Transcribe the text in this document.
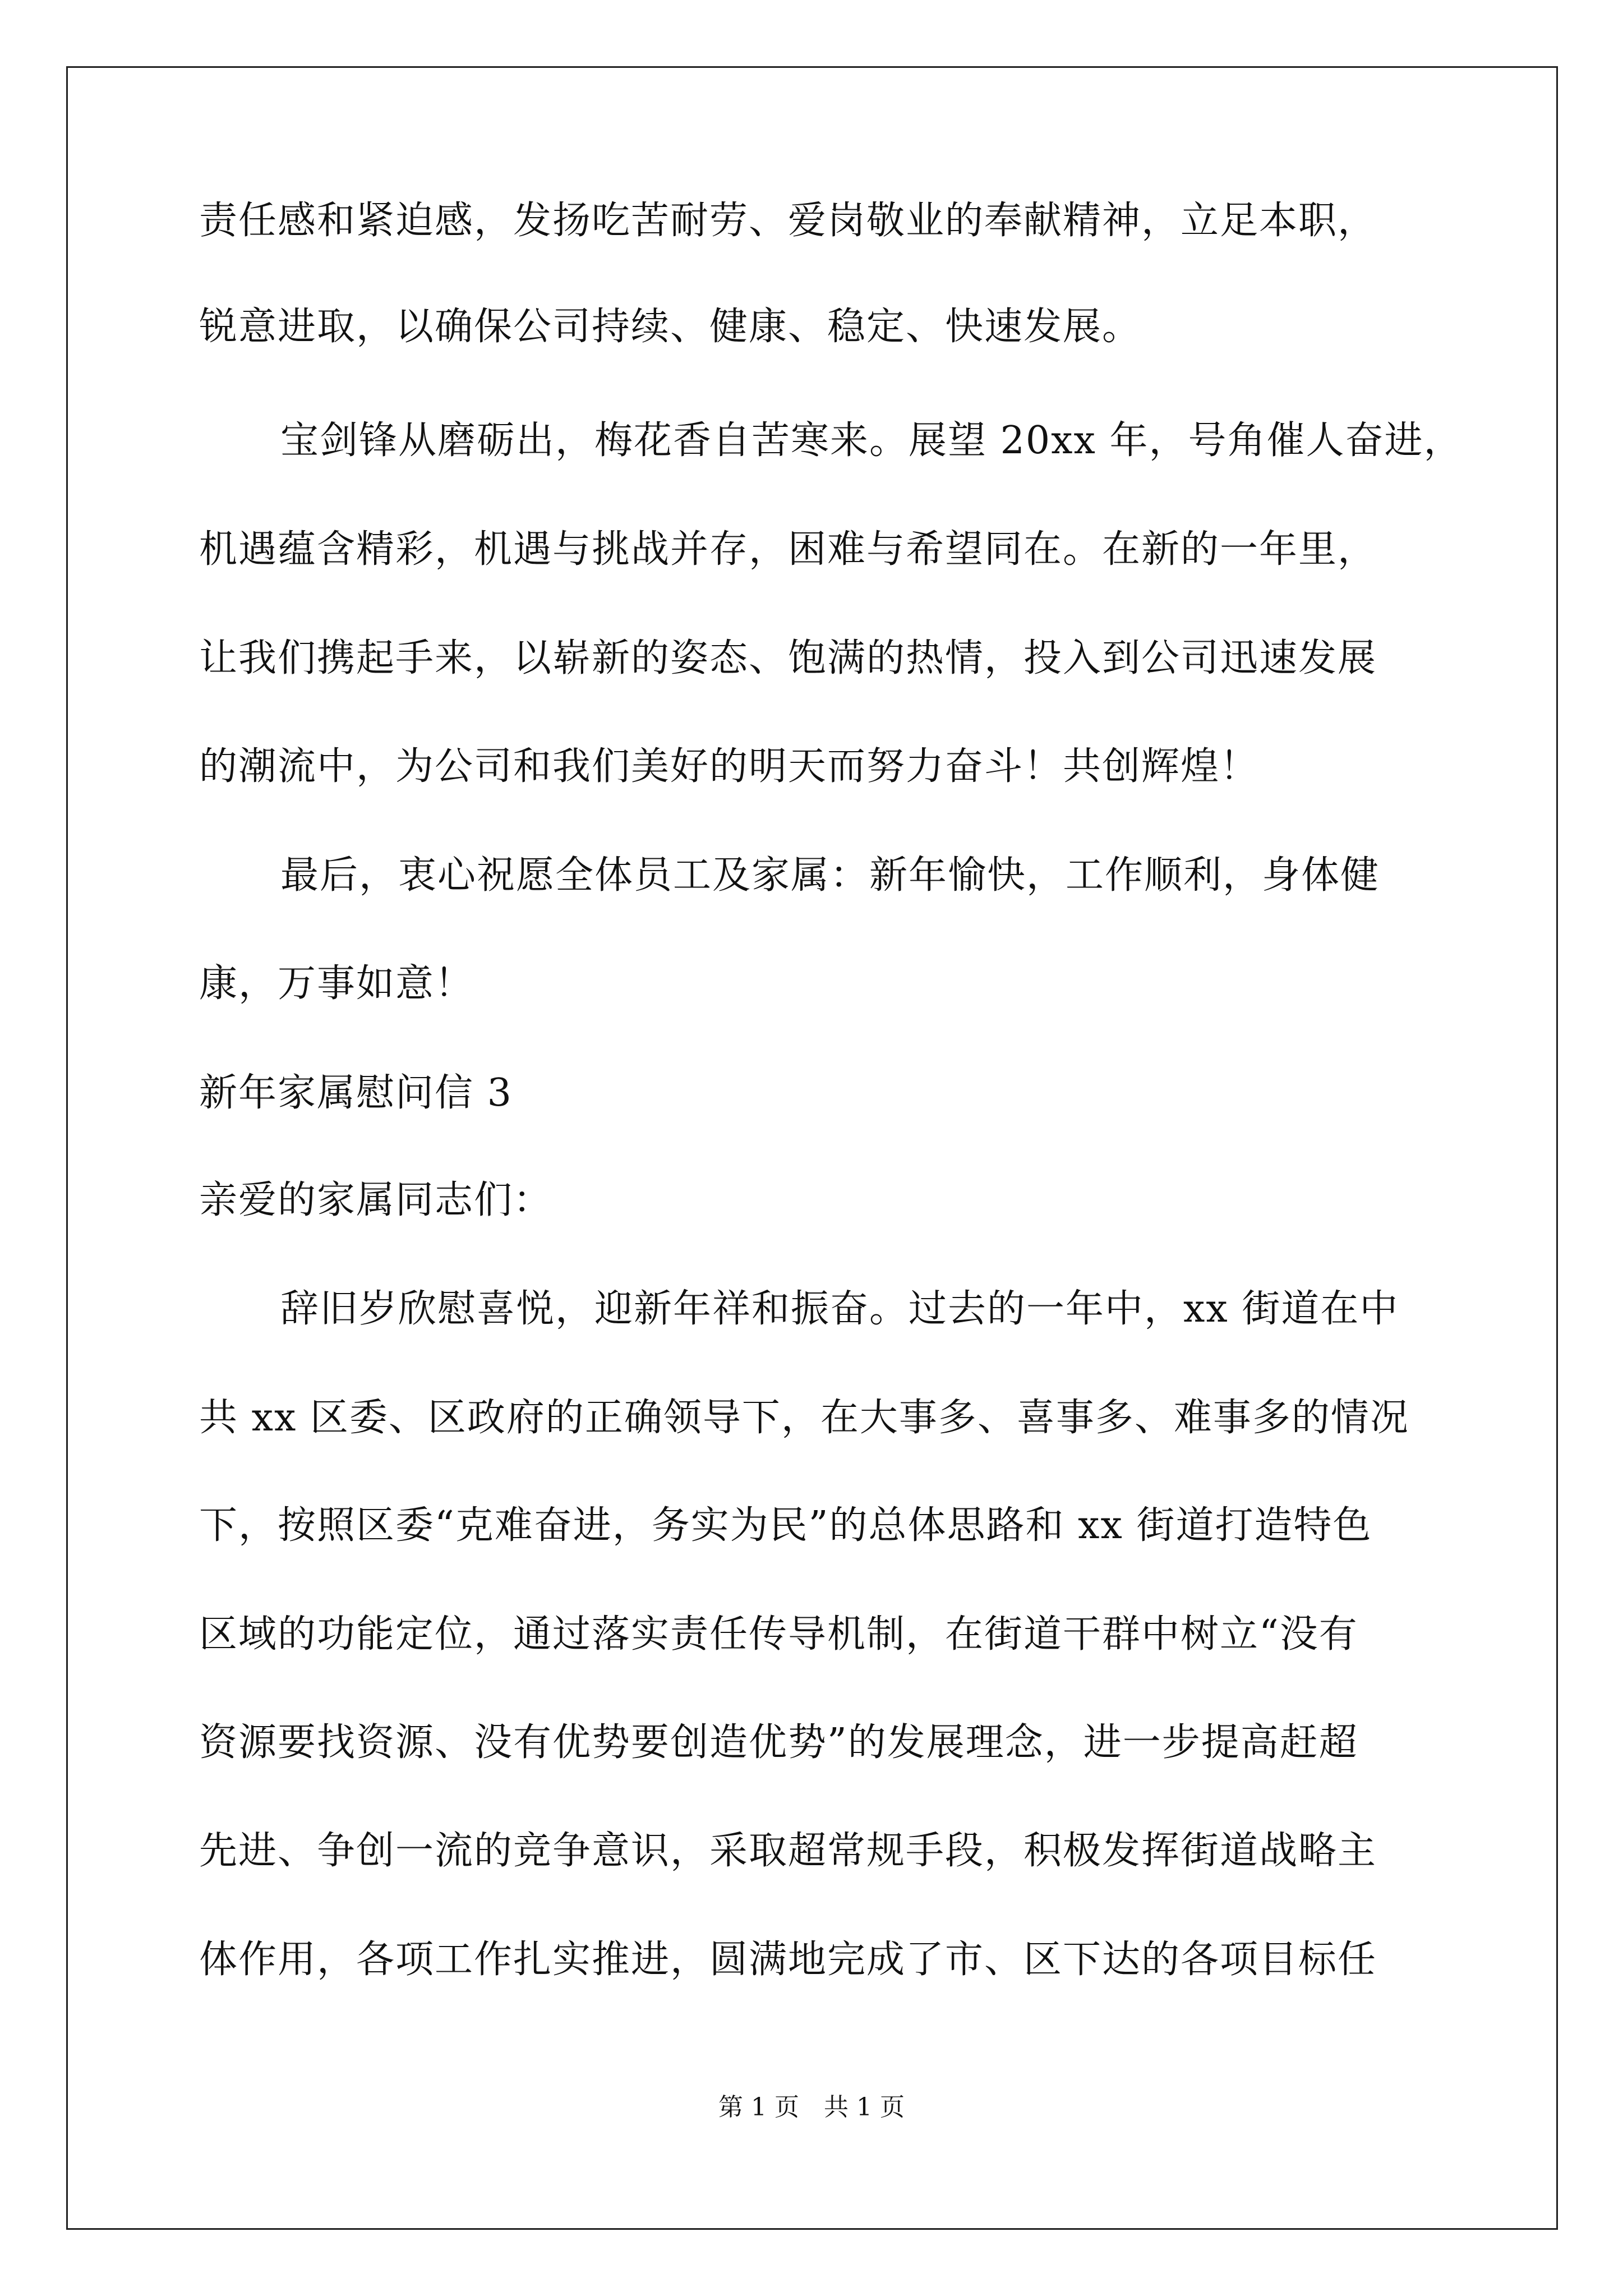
责任感和紧迫感，发扬吃苦耐劳、爱岗敬业的奉献精神，立足本职，
锐意进取，以确保公司持续、健康、稳定、快速发展。
宝剑锋从磨砺出，梅花香自苦寒来。展望 20xx 年，号角催人奋进，
机遇蕴含精彩，机遇与挑战并存，困难与希望同在。在新的一年里，
让我们携起手来，以崭新的姿态、饱满的热情，投入到公司迅速发展
的潮流中，为公司和我们美好的明天而努力奋斗！共创辉煌！
最后，衷心祝愿全体员工及家属：新年愉快，工作顺利，身体健
康，万事如意！
新年家属慰问信 3
亲爱的家属同志们：
辞旧岁欣慰喜悦，迎新年祥和振奋。过去的一年中，xx 街道在中
共 xx 区委、区政府的正确领导下，在大事多、喜事多、难事多的情况
下，按照区委“克难奋进，务实为民”的总体思路和 xx 街道打造特色
区域的功能定位，通过落实责任传导机制，在街道干群中树立“没有
资源要找资源、没有优势要创造优势”的发展理念，进一步提高赶超
先进、争创一流的竞争意识，采取超常规手段，积极发挥街道战略主
体作用，各项工作扎实推进，圆满地完成了市、区下达的各项目标任
第 1 页　共 1 页
